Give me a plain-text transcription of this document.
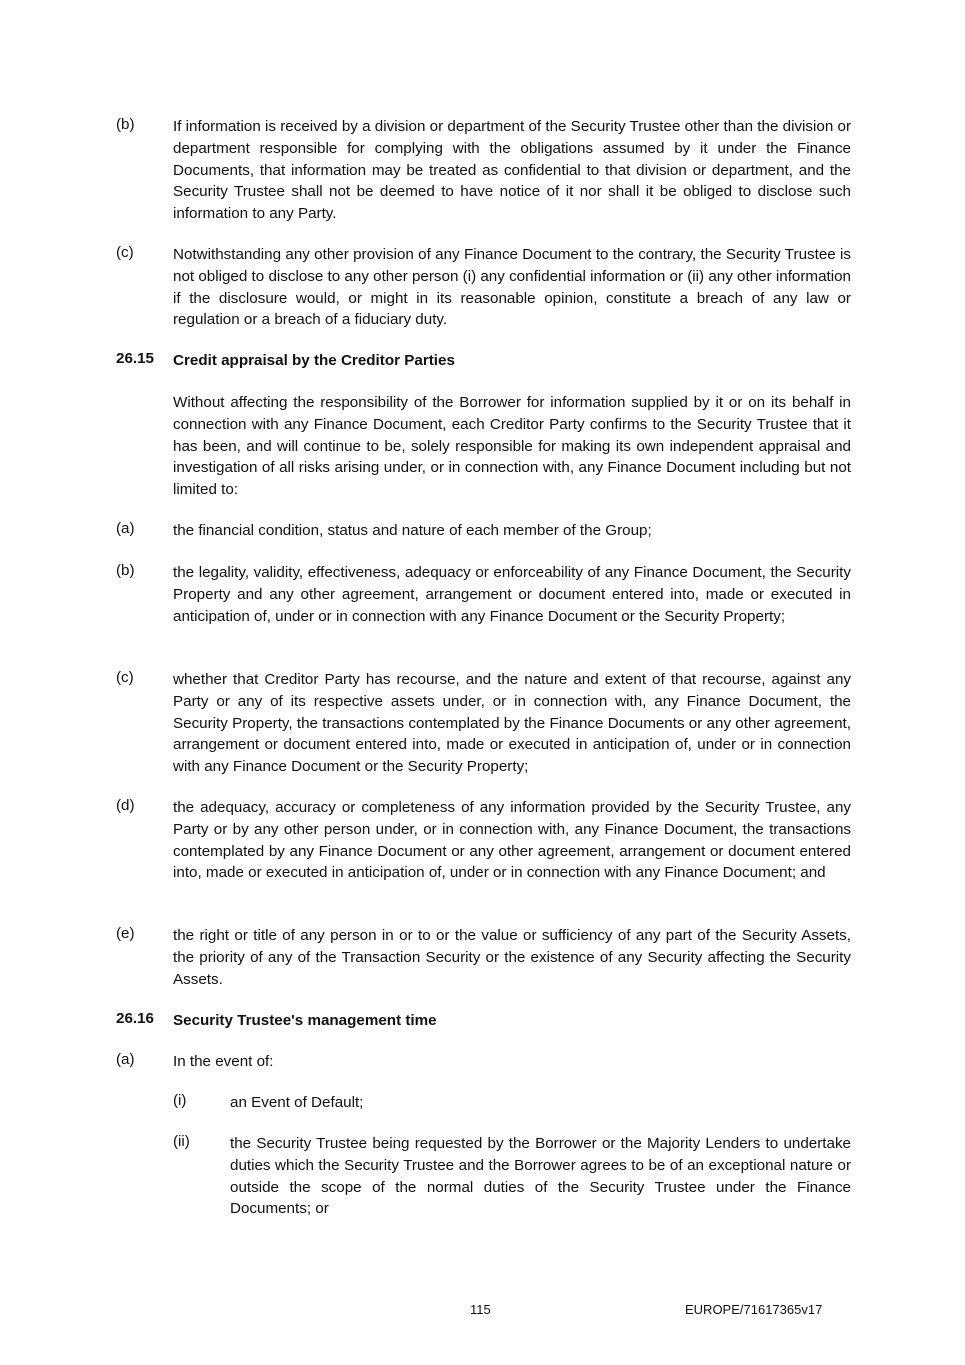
(b)	If information is received by a division or department of the Security Trustee other than the division or department responsible for complying with the obligations assumed by it under the Finance Documents, that information may be treated as confidential to that division or department, and the Security Trustee shall not be deemed to have notice of it nor shall it be obliged to disclose such information to any Party.
(c)	Notwithstanding any other provision of any Finance Document to the contrary, the Security Trustee is not obliged to disclose to any other person (i) any confidential information or (ii) any other information if the disclosure would, or might in its reasonable opinion, constitute a breach of any law or regulation or a breach of a fiduciary duty.
26.15	Credit appraisal by the Creditor Parties
Without affecting the responsibility of the Borrower for information supplied by it or on its behalf in connection with any Finance Document, each Creditor Party confirms to the Security Trustee that it has been, and will continue to be, solely responsible for making its own independent appraisal and investigation of all risks arising under, or in connection with, any Finance Document including but not limited to:
(a)	the financial condition, status and nature of each member of the Group;
(b)	the legality, validity, effectiveness, adequacy or enforceability of any Finance Document, the Security Property and any other agreement, arrangement or document entered into, made or executed in anticipation of, under or in connection with any Finance Document or the Security Property;
(c)	whether that Creditor Party has recourse, and the nature and extent of that recourse, against any Party or any of its respective assets under, or in connection with, any Finance Document, the Security Property, the transactions contemplated by the Finance Documents or any other agreement, arrangement or document entered into, made or executed in anticipation of, under or in connection with any Finance Document or the Security Property;
(d)	the adequacy, accuracy or completeness of any information provided by the Security Trustee, any Party or by any other person under, or in connection with, any Finance Document, the transactions contemplated by any Finance Document or any other agreement, arrangement or document entered into, made or executed in anticipation of, under or in connection with any Finance Document; and
(e)	the right or title of any person in or to or the value or sufficiency of any part of the Security Assets, the priority of any of the Transaction Security or the existence of any Security affecting the Security Assets.
26.16	Security Trustee's management time
(a)	In the event of:
(i)	an Event of Default;
(ii)	the Security Trustee being requested by the Borrower or the Majority Lenders to undertake duties which the Security Trustee and the Borrower agrees to be of an exceptional nature or outside the scope of the normal duties of the Security Trustee under the Finance Documents; or
115	EUROPE/71617365v17
